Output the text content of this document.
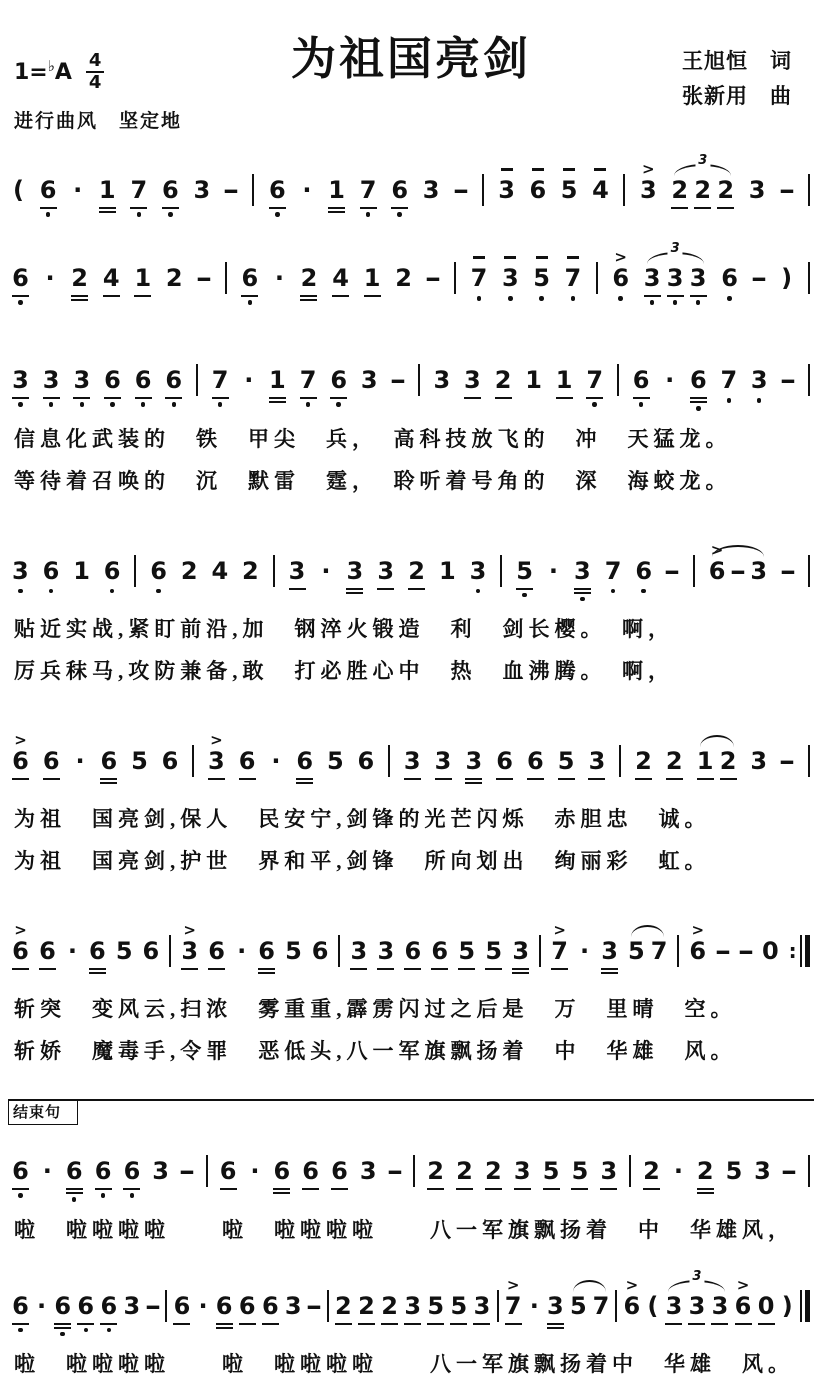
为祖国亮剑
1=♭ A $\frac{4}{4}$
进行曲风　坚定地
王旭恒　词
张新用　曲
( 6 · 1 7 6 3 - 6 · 1 7 6 3 - 3 6 5 4
>
3
3
2 2 2 3 -
6 · 2 4 1 2 - 6 · 2 4 1 2 - 7 3 5 7
>
6
3
3 3 3 6 - )
3 3 3 6 6 6 7 · 1 7 6 3 - 3 3 2 1 1 7 6 · 6 7 3 -
信息化武装的　铁　甲尖　兵，　高科技放飞的　冲　天猛龙。
等待着召唤的　沉　默雷　霆，　聆听着号角的　深　海蛟龙。
3 6 1 6 6 2 4 2 3 · 3 3 2 1 3 5 · 3 7 6 -
>
6 - 3 -
贴近实战,紧盯前沿,加　钢淬火锻造　利　剑长樱。　啊，
厉兵秣马,攻防兼备,敢　打必胜心中　热　血沸腾。　啊，
>
6 6 · 6 5 6
>
3 6 · 6 5 6 3 3 3 6 6 5 3 2 2 1 2 3 -
为祖　国亮剑,保人　民安宁,剑锋的光芒闪烁　赤胆忠　诚。
为祖　国亮剑,护世　界和平,剑锋　所向划出　绚丽彩　虹。
>
6 6 · 6 5 6
>
3 6 · 6 5 6 3 3 6 6 5 5 3
>
7 · 3 5 7
>
6 - - 0 :
斩突　变风云,扫浓　雾重重,霹雳闪过之后是　万　里晴　空。
斩娇　魔毒手,令罪　恶低头,八一军旗飘扬着　中　华雄　风。
结束句
6 · 6 6 6 3 - 6 · 6 6 6 3 - 2 2 2 3 5 5 3 2 · 2 5 3 -
啦　啦啦啦啦　　啦　啦啦啦啦　　八一军旗飘扬着　中　华雄风，
6 · 6 6 6 3 - 6 · 6 6 6 3 - 2 2 2 3 5 5 3
>
7 · 3 5 7
>
6 (
3
3 3 3
>
6 0 )
啦　啦啦啦啦　　啦　啦啦啦啦　　八一军旗飘扬着中　华雄　风。
